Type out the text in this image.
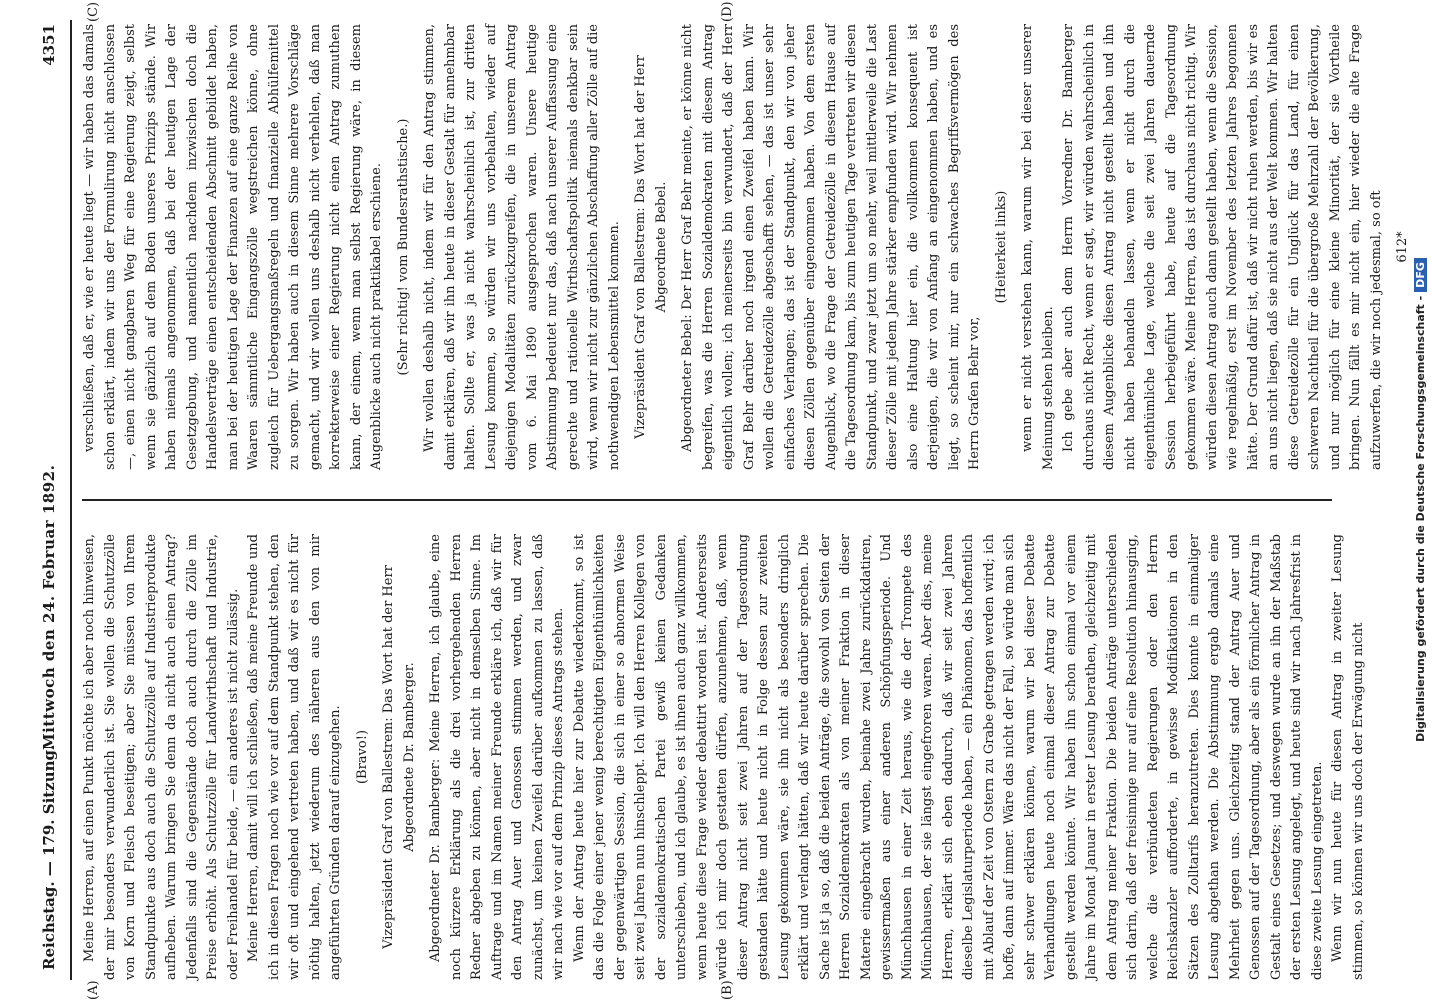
Reichstag. — 179. Sitzung.
Mittwoch den 24. Februar 1892.
4351
(A)	(B)
(C)	(D)

Meine Herren, auf einen Punkt möchte ich aber noch hinweisen, der mir besonders verwunderlich ist. Sie wollen die Schutzzölle von Korn und Fleisch beseitigen; aber Sie müssen von Ihrem Standpunkte aus doch auch die Schutzzölle auf Industrieprodukte aufheben. Warum bringen Sie denn da nicht auch einen Antrag? Jedenfalls sind die Gegenstände doch auch durch die Zölle im Preise erhöht. Als Schutzzölle für Landwirthschaft und Industrie, oder Freihandel für beide, — ein anderes ist nicht zulässig. Meine Herren, damit will ich schließen, daß meine Freunde und ich in diesen Fragen noch wie vor auf dem Standpunkt stehen, den wir oft und eingehend vertreten haben, und daß wir es nicht für nöthig halten, jetzt wiederum des näheren aus den von mir angeführten Gründen darauf einzugehen. (Bravo!) Vizepräsident Graf von Ballestrem: Das Wort hat der Herr Abgeordnete Dr. Bamberger. Abgeordneter Dr. Bamberger: Meine Herren, ich glaube, eine noch kürzere Erklärung als die drei vorhergehenden Herren Redner abgeben zu können, aber nicht in demselben Sinne. Im Auftrage und im Namen meiner Freunde erkläre ich, daß wir für den Antrag Auer und Genossen stimmen werden, und zwar zunächst, um keinen Zweifel darüber aufkommen zu lassen, daß wir nach wie vor auf dem Prinzip dieses Antrags stehen. Wenn der Antrag heute hier zur Debatte wiederkommt, so ist das die Folge einer jener wenig berechtigten Eigenthümlichkeiten der gegenwärtigen Session, die sich in einer so abnormen Weise seit zwei Jahren nun hinschleppt. Ich will den Herren Kollegen von der sozialdemokratischen Partei gewiß keinen Gedanken unterschieben, und ich glaube, es ist ihnen auch ganz willkommen, wenn heute diese Frage wieder debattirt worden ist. Andererseits würde ich mir doch gestatten dürfen, anzunehmen, daß, wenn dieser Antrag nicht seit zwei Jahren auf der Tagesordnung gestanden hätte und heute nicht in Folge dessen zur zweiten Lesung gekommen wäre, sie ihn nicht als besonders dringlich erklärt und verlangt hätten, daß wir heute darüber sprechen. Die Sache ist ja so, daß die beiden Anträge, die sowohl von Seiten der Herren Sozialdemokraten als von meiner Fraktion in dieser Materie eingebracht wurden, beinahe zwei Jahre zurückdatiren, gewissermaßen aus einer anderen Schöpfungsperiode. Und Münchhausen in einer Zeit heraus, wie die der Trompete des Münchhausen, der sie längst eingefroren waren. Aber dies, meine Herren, erklärt sich eben dadurch, daß wir seit zwei Jahren dieselbe Legislaturperiode haben, — ein Phänomen, das hoffentlich mit Ablauf der Zeit von Ostern zu Grabe getragen werden wird; ich hoffe, dann auf immer. Wäre das nicht der Fall, so würde man sich sehr schwer erklären können, warum wir bei dieser Debatte Verhandlungen heute noch einmal dieser Antrag zur Debatte gestellt werden könnte. Wir haben ihn schon einmal vor einem Jahre im Monat Januar in erster Lesung berathen, gleichzeitig mit dem Antrag meiner Fraktion. Die beiden Anträge unterschieden sich darin, daß der freisinnige nur auf eine Resolution hinausging, welche die verbündeten Regierungen oder den Herrn Reichskanzler aufforderte, in gewisse Modifikationen in den Sätzen des Zolltarifs heranzutreten. Dies konnte in einmaliger Lesung abgethan werden. Die Abstimmung ergab damals eine Mehrheit gegen uns. Gleichzeitig stand der Antrag Auer und Genossen auf der Tagesordnung, aber als ein förmlicher Antrag in Gestalt eines Gesetzes; und deswegen wurde an ihn der Maßstab der ersten Lesung angelegt, und heute sind wir nach Jahresfrist in diese zweite Lesung eingetreten. Wenn wir nun heute für diesen Antrag in zweiter Lesung stimmen, so können wir uns doch der Erwägung nicht

verschließen, daß er, wie er heute liegt — wir haben das damals schon erklärt, indem wir uns der Formulirung nicht anschlossen —, einen nicht gangbaren Weg für eine Regierung zeigt, selbst wenn sie gänzlich auf dem Boden unseres Prinzips stände. Wir haben niemals angenommen, daß bei der heutigen Lage der Gesetzgebung, und namentlich nachdem inzwischen doch die Handelsverträge einen entscheidenden Abschnitt gebildet haben, man bei der heutigen Lage der Finanzen auf eine ganze Reihe von Waaren sämmtliche Eingangszölle wegstreichen könne, ohne zugleich für Uebergangsmaßregeln und finanzielle Abhülfemittel zu sorgen. Wir haben auch in diesem Sinne mehrere Vorschläge gemacht, und wir wollen uns deshalb nicht verhehlen, daß man korrekterweise einer Regierung nicht einen Antrag zumuthen kann, der einem, wenn man selbst Regierung wäre, in diesem Augenblicke auch nicht praktikabel erschiene. (Sehr richtig! vom Bundesrathstische.) Wir wollen deshalb nicht, indem wir für den Antrag stimmen, damit erklären, daß wir ihn heute in dieser Gestalt für annehmbar halten. Sollte er, was ja nicht wahrscheinlich ist, zur dritten Lesung kommen, so würden wir uns vorbehalten, wieder auf diejenigen Modalitäten zurückzugreifen, die in unserem Antrag vom 6. Mai 1890 ausgesprochen waren. Unsere heutige Abstimmung bedeutet nur das, daß nach unserer Auffassung eine gerechte und rationelle Wirthschaftspolitik niemals denkbar sein wird, wenn wir nicht zur gänzlichen Abschaffung aller Zölle auf die nothwendigen Lebensmittel kommen. Vizepräsident Graf von Ballestrem: Das Wort hat der Herr Abgeordnete Bebel. Abgeordneter Bebel: Der Herr Graf Behr meinte, er könne nicht begreifen, was die Herren Sozialdemokraten mit diesem Antrag eigentlich wollen; ich meinerseits bin verwundert, daß der Herr Graf Behr darüber noch irgend einen Zweifel haben kann. Wir wollen die Getreidezölle abgeschafft sehen, — das ist unser sehr einfaches Verlangen; das ist der Standpunkt, den wir von jeher diesen Zöllen gegenüber eingenommen haben. Von dem ersten Augenblick, wo die Frage der Getreidezölle in diesem Hause auf die Tagesordnung kam, bis zum heutigen Tage vertreten wir diesen Standpunkt, und zwar jetzt um so mehr, weil mittlerweile die Last dieser Zölle mit jedem Jahre stärker empfunden wird. Wir nehmen also eine Haltung hier ein, die vollkommen konsequent ist derjenigen, die wir von Anfang an eingenommen haben, und es liegt, so scheint mir, nur ein schwaches Begriffsvermögen des Herrn Grafen Behr vor,

(Heiterkeit links) wenn er nicht verstehen kann, warum wir bei dieser unserer Meinung stehen bleiben. Ich gebe aber auch dem Herrn Vorredner Dr. Bamberger durchaus nicht Recht, wenn er sagt, wir würden wahrscheinlich in diesem Augenblicke diesen Antrag nicht gestellt haben und ihn nicht haben behandeln lassen, wenn er nicht durch die eigenthümliche Lage, welche die seit zwei Jahren dauernde Session herbeigeführt habe, heute auf die Tagesordnung gekommen wäre. Meine Herren, das ist durchaus nicht richtig. Wir würden diesen Antrag auch dann gestellt haben, wenn die Session, wie regelmäßig, erst im November des letzten Jahres begonnen hätte. Der Grund dafür ist, daß wir nicht ruhen werden, bis wir es an uns nicht liegen, daß sie nicht aus der Welt kommen. Wir halten diese Getreidezölle für ein Unglück für das Land, für einen schweren Nachtheil für die übergroße Mehrzahl der Bevölkerung, und nur möglich für eine kleine Minorität, der sie Vortheile bringen. Nun fällt es mir nicht ein, hier wieder die alte Frage aufzuwerfen, die wir noch jedesmal, so oft 612*

Digitalisierung gefördert durch die Deutsche Forschungsgemeinschaft -DFG
